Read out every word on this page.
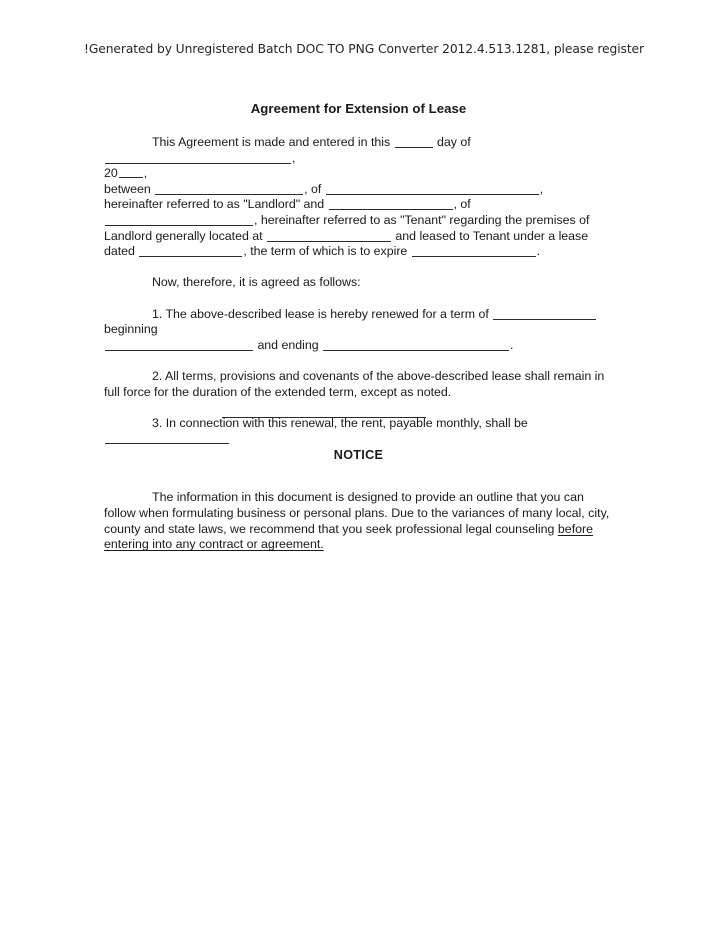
!Generated by Unregistered Batch DOC TO PNG Converter 2012.4.513.1281, please register
Agreement for Extension of Lease

This Agreement is made and entered in this	day of ,
20 ,
between	, of	,
hereinafter referred to as "Landlord" and	, of
, hereinafter referred to as "Tenant" regarding the premises of
Landlord generally located at	and leased to Tenant under a lease
dated	, the term of which is to expire	.

Now, therefore, it is agreed as follows:

1. The above-described lease is hereby renewed for a term of  beginning
and ending	.

2. All terms, provisions and covenants of the above-described lease shall remain in full force for the duration of the extended term, except as noted.

3. In connection with this renewal, the rent, payable monthly, shall be

NOTICE

The information in this document is designed to provide an outline that you can follow when formulating business or personal plans. Due to the variances of many local, city, county and state laws, we recommend that you seek professional legal counseling before entering into any contract or agreement.
